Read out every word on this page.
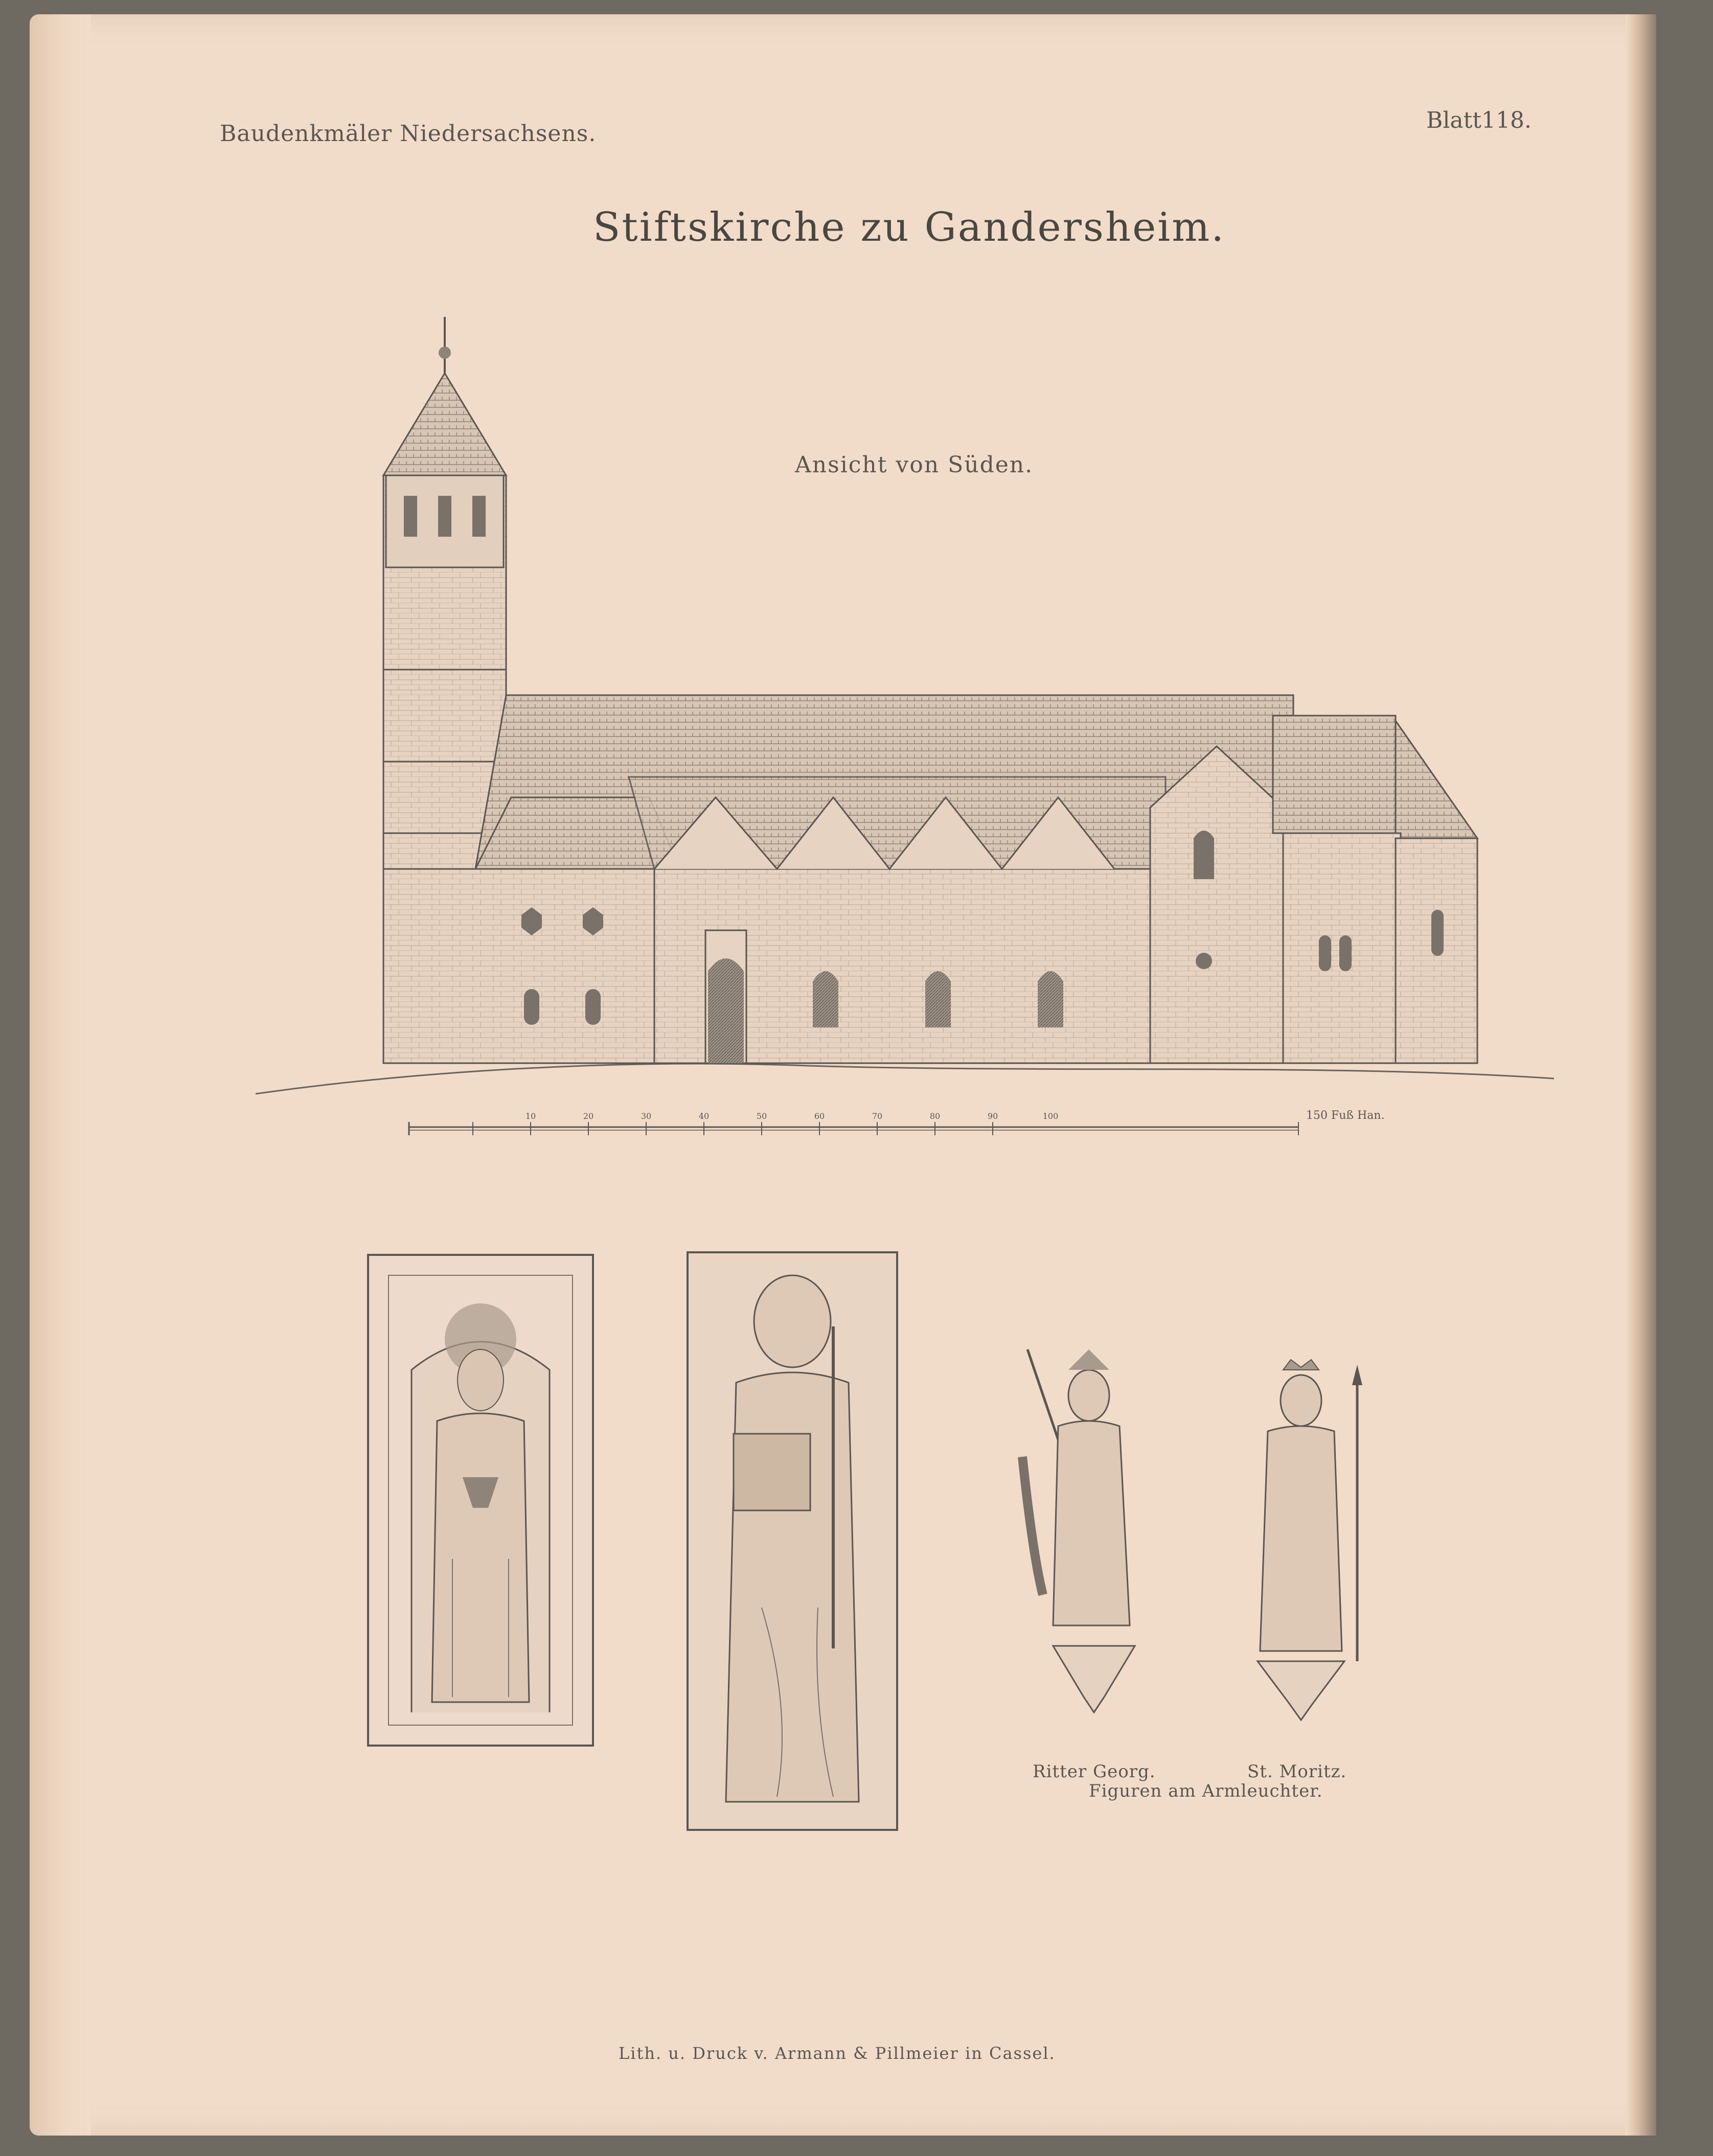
Baudenkmäler Niedersachsens.
Blatt118.
Stiftskirche zu Gandersheim.
Ansicht von Süden.
10	20	30	40	50	60	70	80	90	100	150 Fuß Han.
Ritter Georg.	St. Moritz.
Figuren am Armleuchter.
Lith. u. Druck v. Armann & Pillmeier in Cassel.
